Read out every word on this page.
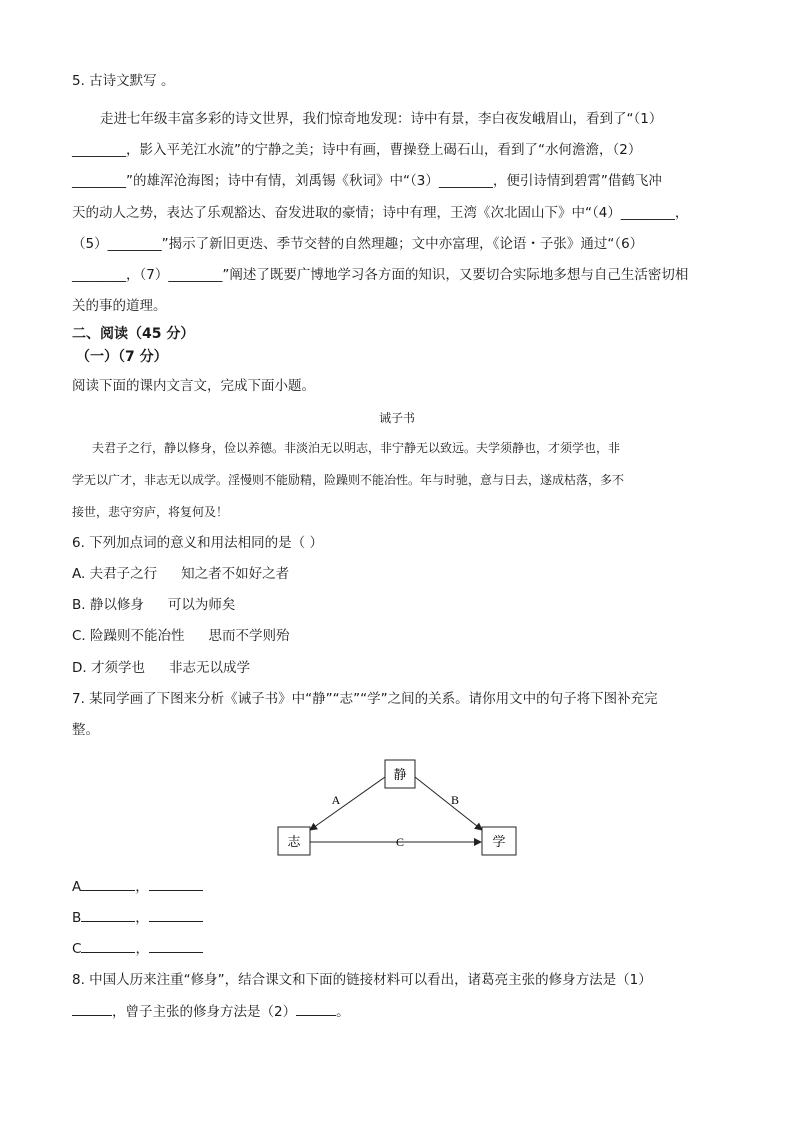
5. 古诗文默写 。
走进七年级丰富多彩的诗文世界，我们惊奇地发现：诗中有景，李白夜发峨眉山，看到了“（1）
________，影入平羌江水流”的宁静之美；诗中有画，曹操登上碣石山，看到了“水何澹澹，（2）
________”的雄浑沧海图；诗中有情，刘禹锡《秋词》中“（3）________，便引诗情到碧霄”借鹤飞冲
天的动人之势，表达了乐观豁达、奋发进取的豪情；诗中有理，王湾《次北固山下》中“（4）________，
（5）________”揭示了新旧更迭、季节交替的自然理趣；文中亦富理，《论语・子张》通过“（6）
________，（7）________”阐述了既要广博地学习各方面的知识，又要切合实际地多想与自己生活密切相
关的事的道理。
二、阅读（45 分）
（一）（7 分）
阅读下面的课内文言文，完成下面小题。
诫子书
夫君子之行，静以修身，俭以养德。非淡泊无以明志，非宁静无以致远。夫学须静也，才须学也，非
学无以广才，非志无以成学。淫慢则不能励精，险躁则不能冶性。年与时驰，意与日去，遂成枯落，多不
接世，悲守穷庐，将复何及！
6. 下列加点词的意义和用法相同的是（ ）
A. 夫君子之行 知之者不如好之者
B. 静以修身 可以为师矣
C. 险躁则不能冶性 思而不学则殆
D. 才须学也 非志无以成学
7. 某同学画了下图来分析《诫子书》中“静”“志”“学”之间的关系。请你用文中的句子将下图补充完
整。
静
志	学
A	B
C
A	，
B	，
C	，
8. 中国人历来注重“修身”，结合课文和下面的链接材料可以看出，诸葛亮主张的修身方法是（1）
，曾子主张的修身方法是（2）	。
